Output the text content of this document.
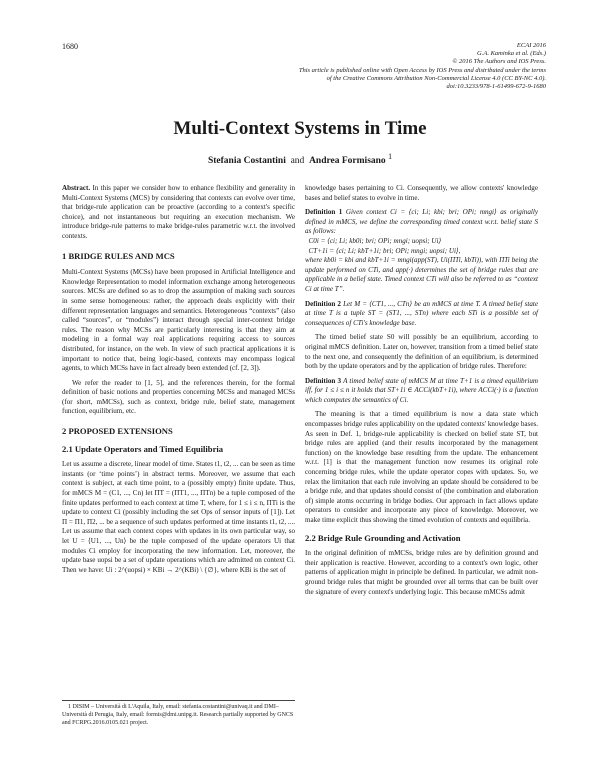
1680	ECAI 2016
G.A. Kaminka et al. (Eds.)
© 2016 The Authors and IOS Press.
This article is published online with Open Access by IOS Press and distributed under the terms
of the Creative Commons Attribution Non-Commercial License 4.0 (CC BY-NC 4.0).
doi:10.3233/978-1-61499-672-9-1680
Multi-Context Systems in Time
Stefania Costantini and Andrea Formisano $^1$

Abstract. In this paper we consider how to enhance flexibility and generality in Multi-Context Systems (MCS) by considering that contexts can evolve over time, that bridge-rule application can be proactive (according to a context's specific choice), and not instantaneous but requiring an execution mechanism. We introduce bridge-rule patterns to make bridge-rules parametric w.r.t. the involved contexts.

1 BRIDGE RULES AND MCS

Multi-Context Systems (MCSs) have been proposed in Artificial Intelligence and Knowledge Representation to model information exchange among heterogeneous sources. MCSs are defined so as to drop the assumption of making such sources in some sense homogeneous: rather, the approach deals explicitly with their different representation languages and semantics. Heterogeneous “contexts” (also called “sources”, or “modules”) interact through special inter-context bridge rules. The reason why MCSs are particularly interesting is that they aim at modeling in a formal way real applications requiring access to sources distributed, for instance, on the web. In view of such practical applications it is important to notice that, being logic-based, contexts may encompass logical agents, to which MCSs have in fact already been extended (cf. [2, 3]).

We refer the reader to [1, 5], and the references therein, for the formal definition of basic notions and properties concerning MCSs and managed MCSs (for short, mMCSs), such as context, bridge rule, belief state, management function, equilibrium, etc.

2 PROPOSED EXTENSIONS

2.1 Update Operators and Timed Equilibria

Let us assume a discrete, linear model of time. States t1, t2, ... can be seen as time instants (or ‘time points’) in abstract terms. Moreover, we assume that each context is subject, at each time point, to a (possibly empty) finite update. Thus, for mMCS M = (C1, ..., Cn) let ΠT = (ΠT1, ..., ΠTn) be a tuple composed of the finite updates performed to each context at time T, where, for 1 ≤ i ≤ n, ΠTi is the update to context Ci (possibly including the set Ops of sensor inputs of [1]). Let Π = Π1, Π2, ... be a sequence of such updates performed at time instants t1, t2, .... Let us assume that each context copes with updates in its own particular way, so let U = ⟨U1, ..., Un⟩ be the tuple composed of the update operators Ui that modules Ci employ for incorporating the new information. Let, moreover, the update base uopsi be a set of update operations which are admitted on context Ci. Then we have: Ui : 2^(uopsi) × KBi → 2^(KBi) \ {∅}, where KBi is the set of

1 DISIM – Università di L'Aquila, Italy, email: stefania.costantini@univaq.it and DMI–Università di Perugia, Italy, email: formis@dmi.unipg.it. Research partially supported by GNCS and FCRPG.2016.0105.021 project.

knowledge bases pertaining to Ci. Consequently, we allow contexts' knowledge bases and belief states to evolve in time.

Definition 1 Given context Ci = ⟨ci; Li; kbi; bri; OPi; mngi⟩ as originally defined in mMCS, we define the corresponding timed context w.r.t. belief state S as follows:
C0i = ⟨ci; Li; kb0i; bri; OPi; mngi; uopsi; Ui⟩
CT+1i = ⟨ci; Li; kbT+1i; bri; OPi; mngi; uopsi; Ui⟩,
where kb0i = kbi and kbT+1i = mngi(app(ST), Ui(ΠTi, kbTi)), with ΠTi being the update performed on CTi, and app(·) determines the set of bridge rules that are applicable in a belief state. Timed context CTi will also be referred to as “context Ci at time T”.

Definition 2 Let M = ⟨CT1, ..., CTn⟩ be an mMCS at time T. A timed belief state at time T is a tuple ST = (ST1, ..., STn) where each STi is a possible set of consequences of CTi's knowledge base.

The timed belief state S0 will possibly be an equilibrium, according to original mMCS definition. Later on, however, transition from a timed belief state to the next one, and consequently the definition of an equilibrium, is determined both by the update operators and by the application of bridge rules. Therefore:

Definition 3 A timed belief state of mMCS M at time T+1 is a timed equilibrium iff, for 1 ≤ i ≤ n it holds that ST+1i ∈ ACCi(kbT+1i), where ACCi(·) is a function which computes the semantics of Ci.

The meaning is that a timed equilibrium is now a data state which encompasses bridge rules applicability on the updated contexts' knowledge bases. As seen in Def. 1, bridge-rule applicability is checked on belief state ST, but bridge rules are applied (and their results incorporated by the management function) on the knowledge base resulting from the update. The enhancement w.r.t. [1] is that the management function now resumes its original role concerning bridge rules, while the update operator copes with updates. So, we relax the limitation that each rule involving an update should be considered to be a bridge rule, and that updates should consist of (the combination and elaboration of) simple atoms occurring in bridge bodies. Our approach in fact allows update operators to consider and incorporate any piece of knowledge. Moreover, we make time explicit thus showing the timed evolution of contexts and equilibria.

2.2 Bridge Rule Grounding and Activation

In the original definition of mMCSs, bridge rules are by definition ground and their application is reactive. However, according to a context's own logic, other patterns of application might in principle be defined. In particular, we admit non-ground bridge rules that might be grounded over all terms that can be built over the signature of every context's underlying logic. This because mMCSs admit
